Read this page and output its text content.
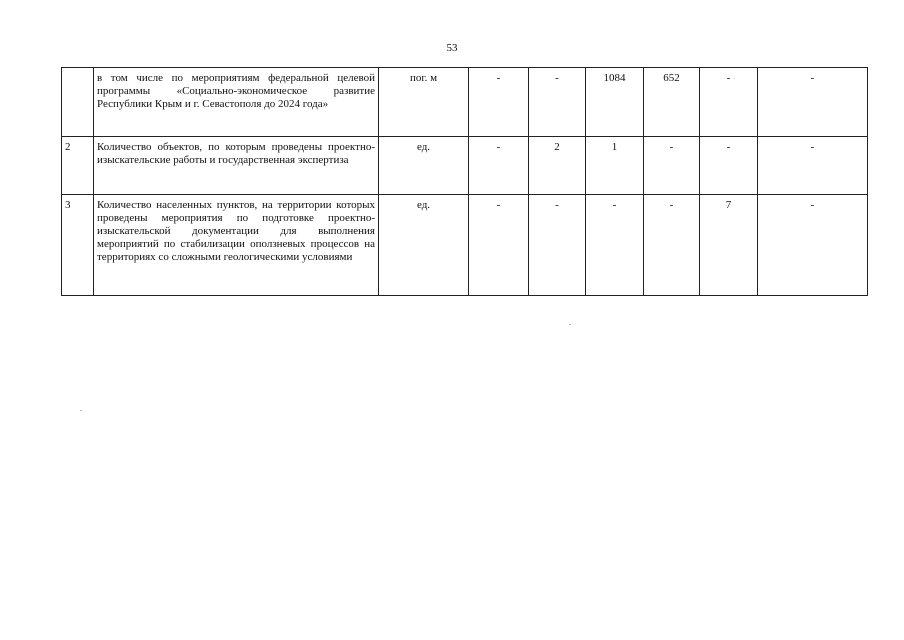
53
	в том числе по мероприятиям федеральной целевой программы «Социально-экономическое развитие Республики Крым и г. Севастополя до 2024 года»	пог. м	-	-	1084	652	-	-
2	Количество объектов, по которым проведены проектно-изыскательские работы и государственная экспертиза	ед.	-	2	1	-	-	-
3	Количество населенных пунктов, на территории которых проведены мероприятия по подготовке проектно-изыскательской документации для выполнения мероприятий по стабилизации оползневых процессов на территориях со сложными геологическими условиями	ед.	-	-	-	-	7	-
